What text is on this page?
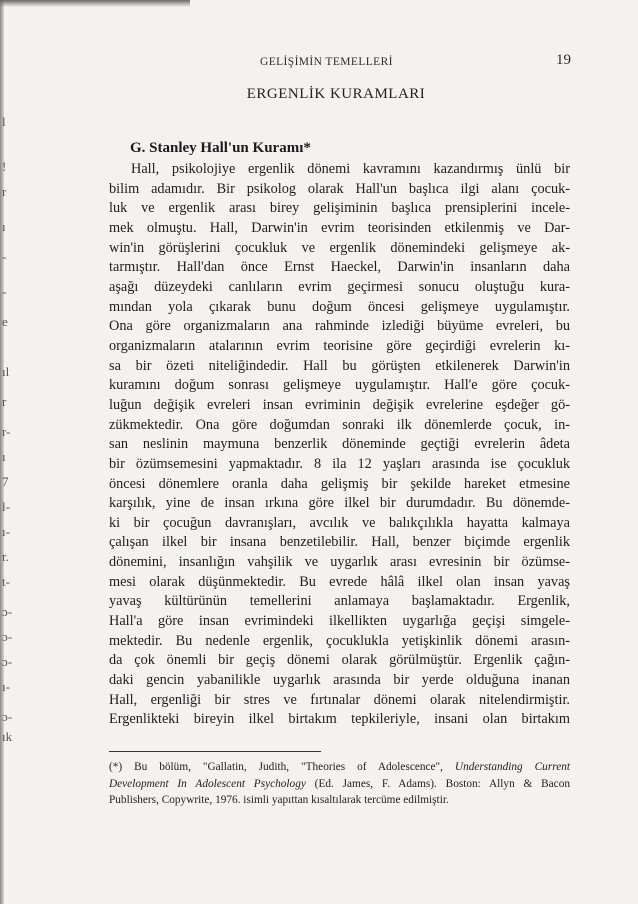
l
!
r
ı
-
-
e
ıl
r
r-
ı
7
l-
ı-
r.
t-
ɔ-
ɔ-
ɔ-
ı-
ɔ-
ık
GELİŞİMİN TEMELLERİ	19
ERGENLİK KURAMLARI
G. Stanley Hall'un Kuramı*
Hall, psikolojiye ergenlik dönemi kavramını kazandırmış ünlü bir
bilim adamıdır. Bir psikolog olarak Hall'un başlıca ilgi alanı çocuk-
luk ve ergenlik arası birey gelişiminin başlıca prensiplerini incele-
mek olmuştu. Hall, Darwin'in evrim teorisinden etkilenmiş ve Dar-
win'in görüşlerini çocukluk ve ergenlik dönemindeki gelişmeye ak-
tarmıştır. Hall'dan önce Ernst Haeckel, Darwin'in insanların daha
aşağı düzeydeki canlıların evrim geçirmesi sonucu oluştuğu kura-
mından yola çıkarak bunu doğum öncesi gelişmeye uygulamıştır.
Ona göre organizmaların ana rahminde izlediği büyüme evreleri, bu
organizmaların atalarının evrim teorisine göre geçirdiği evrelerin kı-
sa bir özeti niteliğindedir. Hall bu görüşten etkilenerek Darwin'in
kuramını doğum sonrası gelişmeye uygulamıştır. Hall'e göre çocuk-
luğun değişik evreleri insan evriminin değişik evrelerine eşdeğer gö-
zükmektedir. Ona göre doğumdan sonraki ilk dönemlerde çocuk, in-
san neslinin maymuna benzerlik döneminde geçtiği evrelerin âdeta
bir özümsemesini yapmaktadır. 8 ila 12 yaşları arasında ise çocukluk
öncesi dönemlere oranla daha gelişmiş bir şekilde hareket etmesine
karşılık, yine de insan ırkına göre ilkel bir durumdadır. Bu dönemde-
ki bir çocuğun davranışları, avcılık ve balıkçılıkla hayatta kalmaya
çalışan ilkel bir insana benzetilebilir. Hall, benzer biçimde ergenlik
dönemini, insanlığın vahşilik ve uygarlık arası evresinin bir özümse-
mesi olarak düşünmektedir. Bu evrede hâlâ ilkel olan insan yavaş
yavaş kültürünün temellerini anlamaya başlamaktadır. Ergenlik,
Hall'a göre insan evrimindeki ilkellikten uygarlığa geçişi simgele-
mektedir. Bu nedenle ergenlik, çocuklukla yetişkinlik dönemi arasın-
da çok önemli bir geçiş dönemi olarak görülmüştür. Ergenlik çağın-
daki gencin yabanilikle uygarlık arasında bir yerde olduğuna inanan
Hall, ergenliği bir stres ve fırtınalar dönemi olarak nitelendirmiştir.
Ergenlikteki bireyin ilkel birtakım tepkileriyle, insani olan birtakım
(*) Bu bölüm, "Gallatin, Judith, "Theories of Adolescence", Understanding Current
Development In Adolescent Psychology (Ed. James, F. Adams). Boston: Allyn & Bacon
Publishers, Copywrite, 1976. isimli yapıttan kısaltılarak tercüme edilmiştir.
